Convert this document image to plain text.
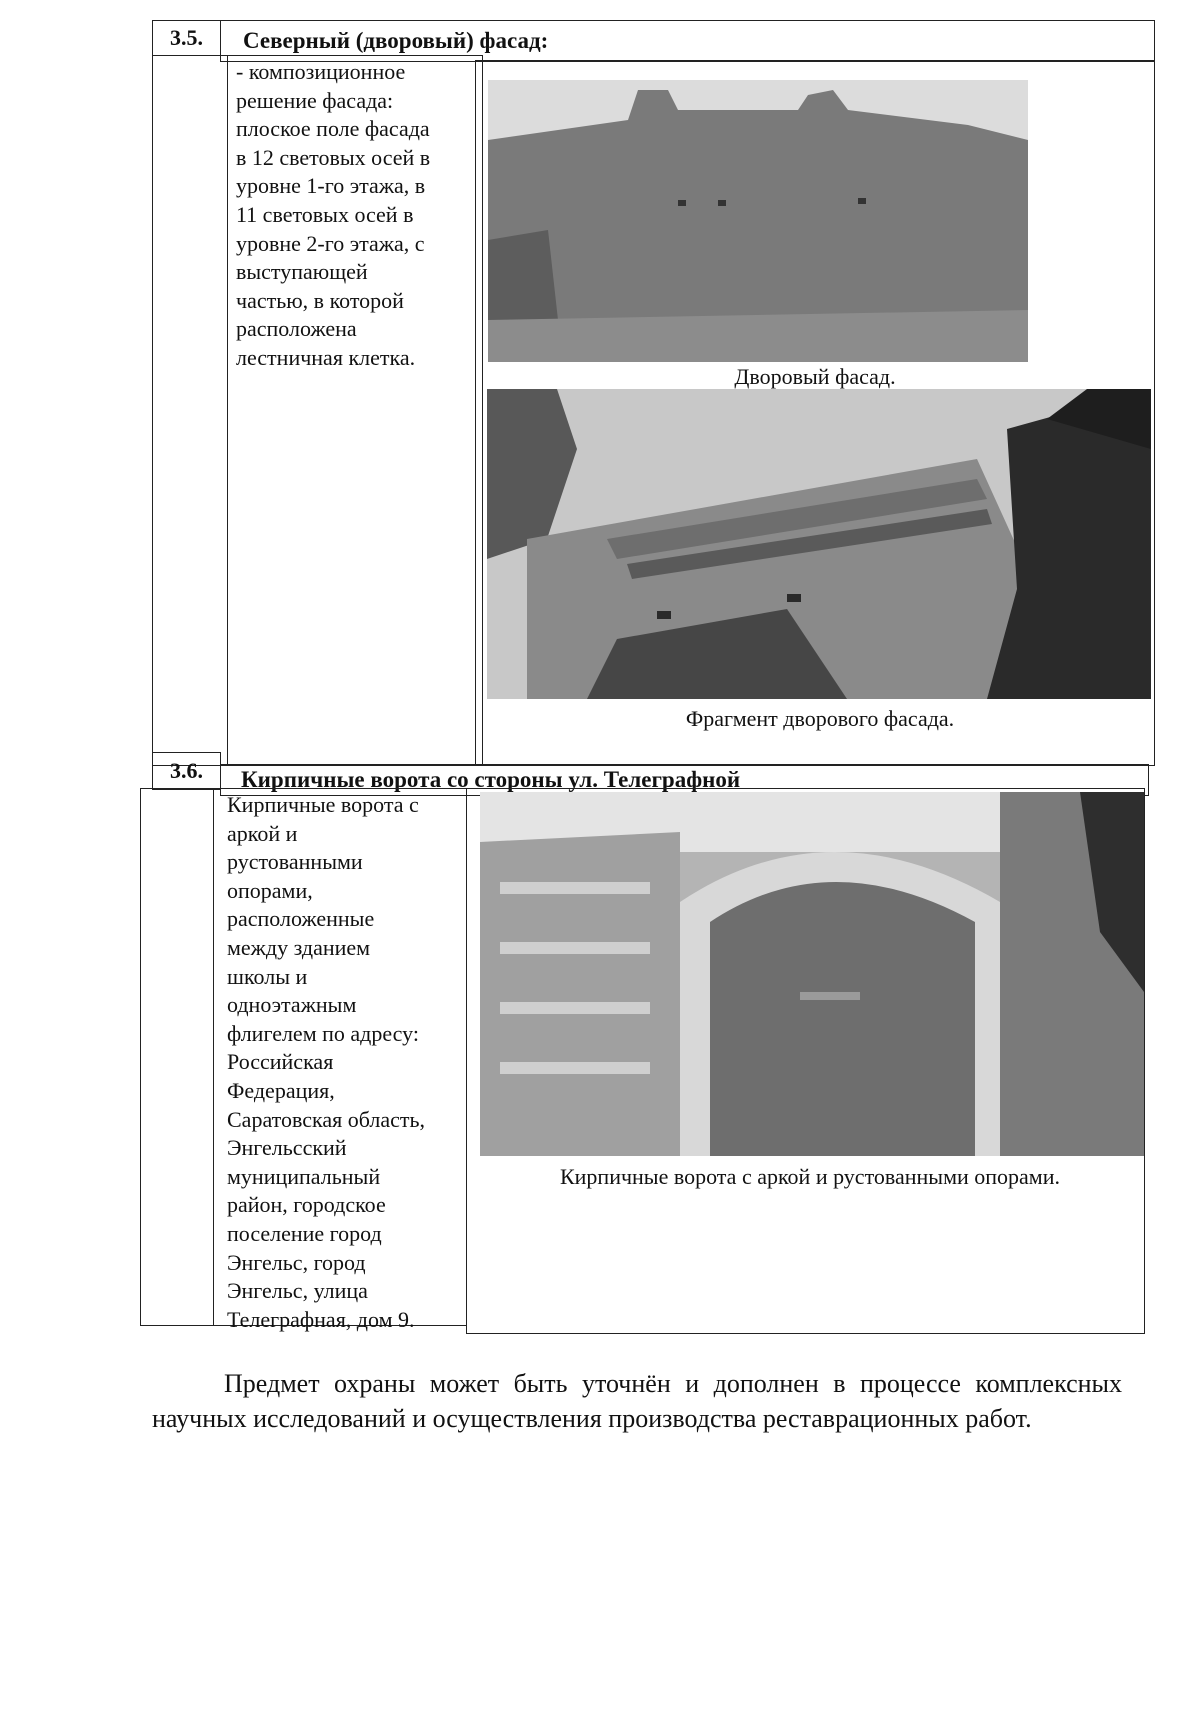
3.5.	Северный (дворовый) фасад:
- композиционное
решение фасада:
плоское поле фасада
в 12 световых осей в
уровне 1-го этажа, в
11 световых осей в
уровне 2-го этажа, с
выступающей
частью, в которой
расположена
лестничная клетка.
Дворовый фасад.
Фрагмент дворового фасада.
3.6.	Кирпичные ворота со стороны ул. Телеграфной
Кирпичные ворота с
аркой и
рустованными
опорами,
расположенные
между зданием
школы и
одноэтажным
флигелем по адресу:
Российская
Федерация,
Саратовская область,
Энгельсский
муниципальный
район, городское
поселение город
Энгельс, город
Энгельс, улица
Телеграфная, дом 9.
Кирпичные ворота с аркой и рустованными опорами.
Предмет охраны может быть уточнён и дополнен в процессе комплексных научных исследований и осуществления производства реставрационных работ.
